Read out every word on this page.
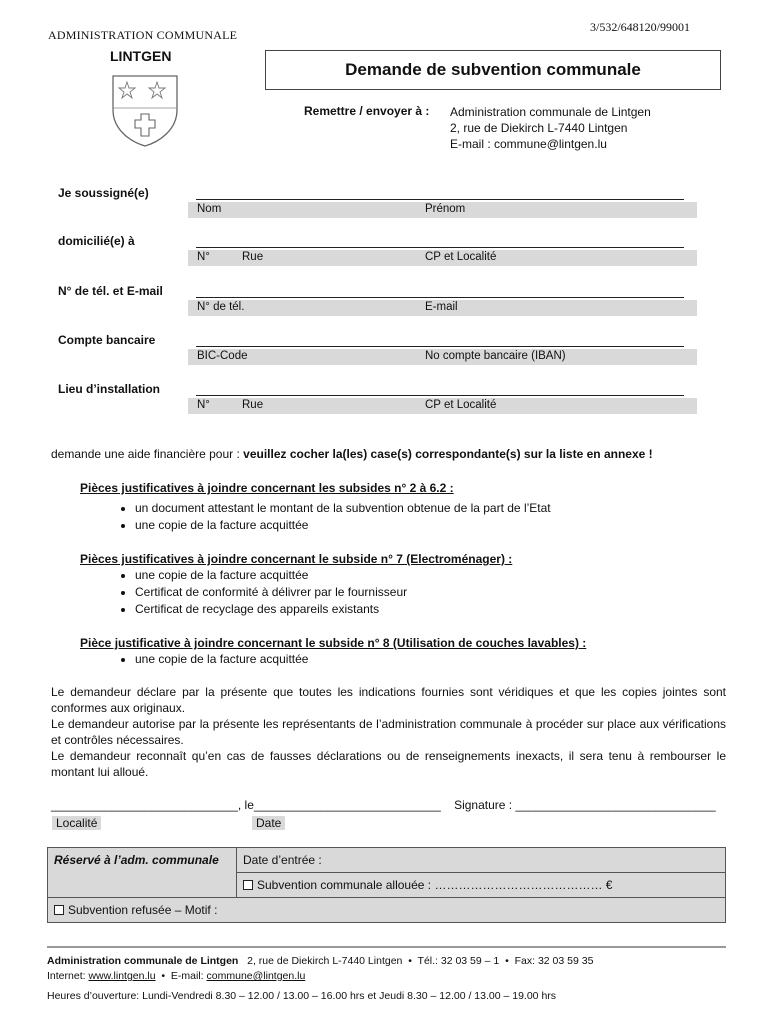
ADMINISTRATION COMMUNALE
3/532/648120/99001
LINTGEN
Demande de subvention communale
Remettre / envoyer à : Administration communale de Lintgen
2, rue de Diekirch L-7440 Lintgen
E-mail : commune@lintgen.lu
Je soussigné(e)
Nom	Prénom
domicilié(e) à
N°	Rue	CP et Localité
N° de tél. et E-mail
N° de tél.	E-mail
Compte bancaire
BIC-Code	No compte bancaire (IBAN)
Lieu d’installation
N°	Rue	CP et Localité
demande une aide financière pour : veuillez cocher la(les) case(s) correspondante(s) sur la liste en annexe !
Pièces justificatives à joindre concernant les subsides n° 2 à 6.2 :
• un document attestant le montant de la subvention obtenue de la part de l’Etat
• une copie de la facture acquittée
Pièces justificatives à joindre concernant le subside n° 7 (Electroménager) :
• une copie de la facture acquittée
• Certificat de conformité à délivrer par le fournisseur
• Certificat de recyclage des appareils existants
Pièce justificative à joindre concernant le subside n° 8 (Utilisation de couches lavables) :
• une copie de la facture acquittée

Le demandeur déclare par la présente que toutes les indications fournies sont véridiques et que les copies jointes sont conformes aux originaux.

Le demandeur autorise par la présente les représentants de l’administration communale à procéder sur place aux vérifications et contrôles nécessaires.

Le demandeur reconnaît qu’en cas de fausses déclarations ou de renseignements inexacts, il sera tenu à rembourser le montant lui alloué.

____________________________, le____________________________    Signature : ______________________________
Localité	Date
Réservé à l’adm. communale	Date d’entrée :
Subvention communale allouée : …………………………………… €
Subvention refusée – Motif :
Administration communale de Lintgen   2, rue de Diekirch L-7440 Lintgen  •  Tél.: 32 03 59 – 1  •  Fax: 32 03 59 35
Internet: www.lintgen.lu  •  E-mail: commune@lintgen.lu
Heures d’ouverture: Lundi-Vendredi 8.30 – 12.00 / 13.00 – 16.00 hrs et Jeudi 8.30 – 12.00 / 13.00 – 19.00 hrs
